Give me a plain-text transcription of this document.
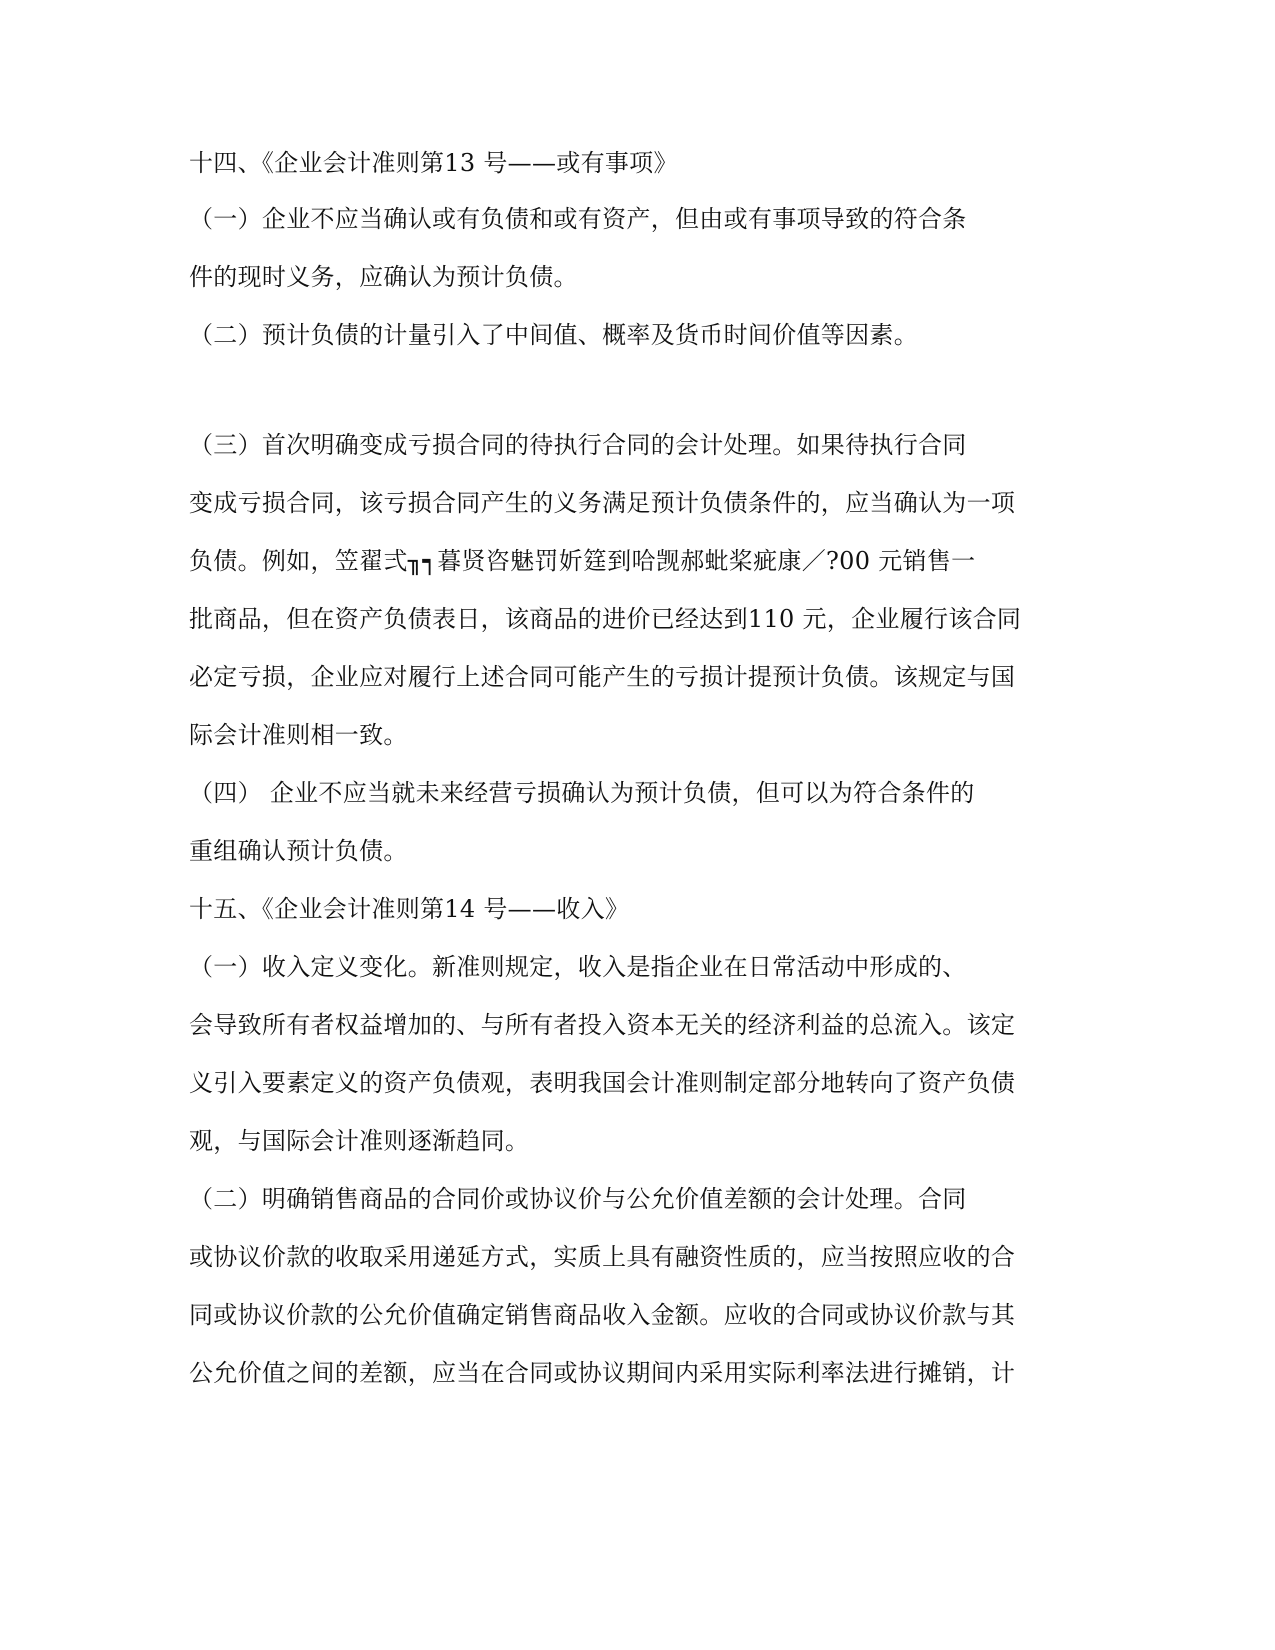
十四、《企业会计准则第13 号——或有事项》
（一）企业不应当确认或有负债和或有资产，但由或有事项导致的符合条
件的现时义务，应确认为预计负债。
（二）预计负债的计量引入了中间值、概率及货币时间价值等因素。
（三）首次明确变成亏损合同的待执行合同的会计处理。如果待执行合同
变成亏损合同，该亏损合同产生的义务满足预计负债条件的，应当确认为一项
负债。例如，笠翟弍╖┑暮贤咨魅罚妡筳到哈觊郝蚍桨疵康／?00 元销售一
批商品，但在资产负债表日，该商品的进价已经达到110 元，企业履行该合同
必定亏损，企业应对履行上述合同可能产生的亏损计提预计负债。该规定与国
际会计准则相一致。
（四） 企业不应当就未来经营亏损确认为预计负债，但可以为符合条件的
重组确认预计负债。
十五、《企业会计准则第14 号——收入》
（一）收入定义变化。新准则规定，收入是指企业在日常活动中形成的、
会导致所有者权益增加的、与所有者投入资本无关的经济利益的总流入。该定
义引入要素定义的资产负债观，表明我国会计准则制定部分地转向了资产负债
观，与国际会计准则逐渐趋同。
（二）明确销售商品的合同价或协议价与公允价值差额的会计处理。合同
或协议价款的收取采用递延方式，实质上具有融资性质的，应当按照应收的合
同或协议价款的公允价值确定销售商品收入金额。应收的合同或协议价款与其
公允价值之间的差额，应当在合同或协议期间内采用实际利率法进行摊销，计
